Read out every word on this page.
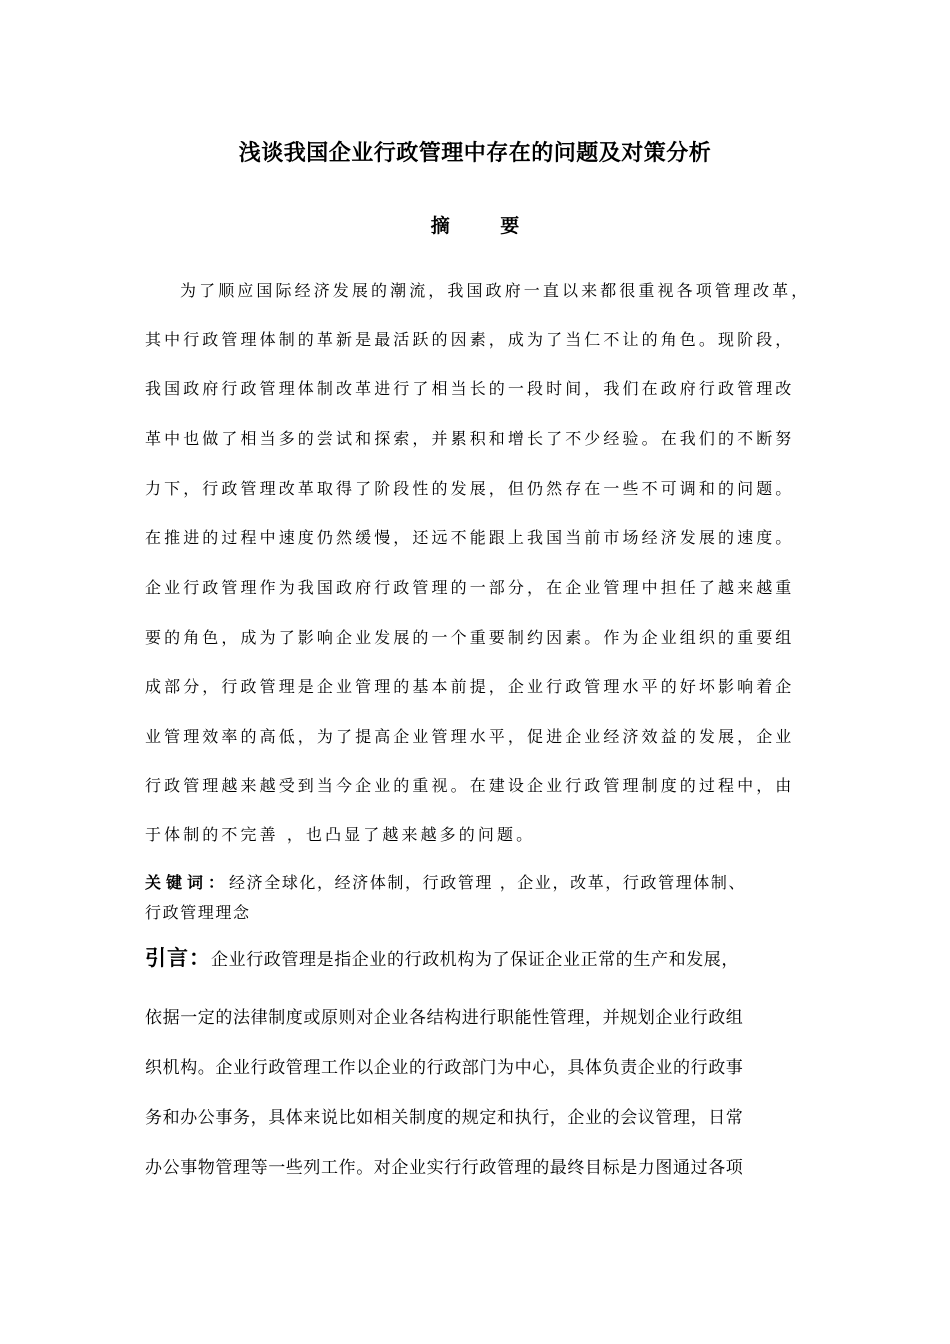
浅谈我国企业行政管理中存在的问题及对策分析
摘 要
为了顺应国际经济发展的潮流，我国政府一直以来都很重视各项管理改革，
其中行政管理体制的革新是最活跃的因素，成为了当仁不让的角色。现阶段，
我国政府行政管理体制改革进行了相当长的一段时间，我们在政府行政管理改
革中也做了相当多的尝试和探索，并累积和增长了不少经验。在我们的不断努
力下，行政管理改革取得了阶段性的发展，但仍然存在一些不可调和的问题。
在推进的过程中速度仍然缓慢，还远不能跟上我国当前市场经济发展的速度。
企业行政管理作为我国政府行政管理的一部分，在企业管理中担任了越来越重
要的角色，成为了影响企业发展的一个重要制约因素。作为企业组织的重要组
成部分，行政管理是企业管理的基本前提，企业行政管理水平的好坏影响着企
业管理效率的高低，为了提高企业管理水平，促进企业经济效益的发展，企业
行政管理越来越受到当今企业的重视。在建设企业行政管理制度的过程中，由
于体制的不完善 ，也凸显了越来越多的问题。
关键词：经济全球化，经济体制，行政管理 ，企业，改革，行政管理体制、
行政管理理念
引言：企业行政管理是指企业的行政机构为了保证企业正常的生产和发展，
依据一定的法律制度或原则对企业各结构进行职能性管理，并规划企业行政组
织机构。企业行政管理工作以企业的行政部门为中心，具体负责企业的行政事
务和办公事务，具体来说比如相关制度的规定和执行，企业的会议管理，日常
办公事物管理等一些列工作。对企业实行行政管理的最终目标是力图通过各项
